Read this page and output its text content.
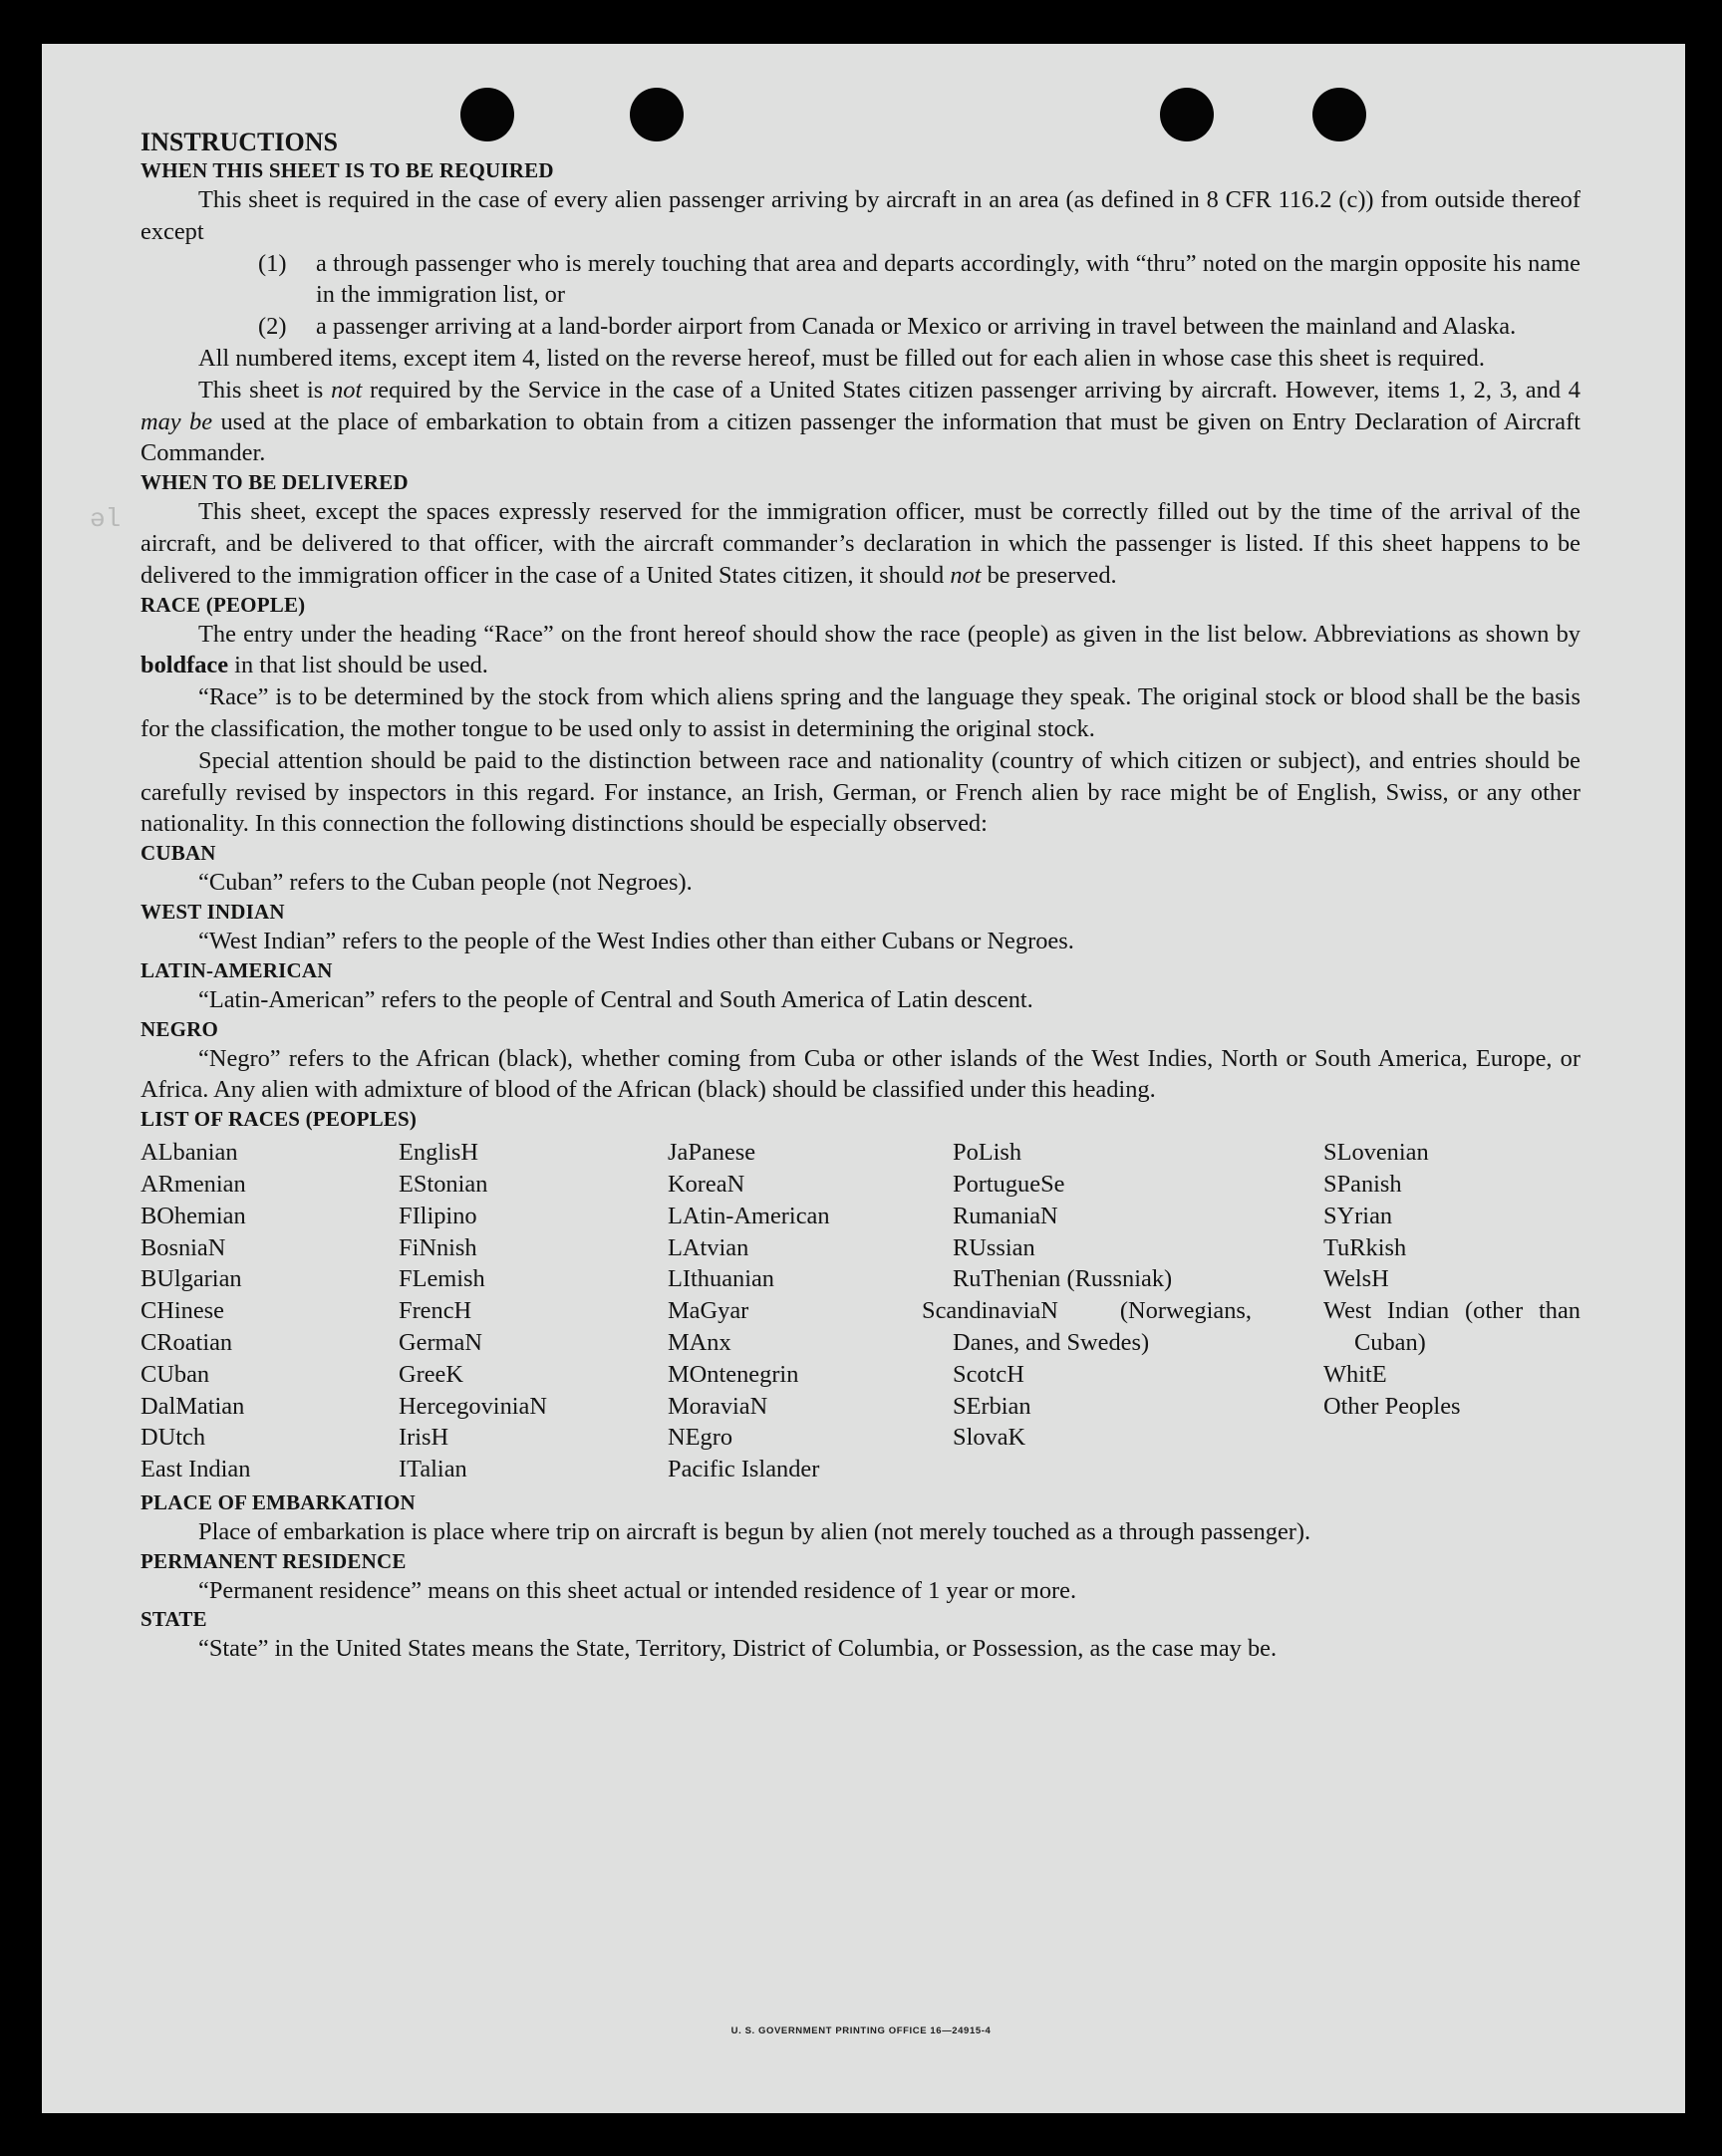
ǝl

INSTRUCTIONS

WHEN THIS SHEET IS TO BE REQUIRED

This sheet is required in the case of every alien passenger arriving by aircraft in an area (as defined in 8 CFR 116.2 (c)) from outside thereof except

(1)	a through passenger who is merely touching that area and departs accordingly, with “thru” noted on the margin opposite his name in the immigration list, or
(2)	a passenger arriving at a land-border airport from Canada or Mexico or arriving in travel between the mainland and Alaska.

All numbered items, except item 4, listed on the reverse hereof, must be filled out for each alien in whose case this sheet is required.

This sheet is not required by the Service in the case of a United States citizen passenger arriving by aircraft. However, items 1, 2, 3, and 4 may be used at the place of embarkation to obtain from a citizen passenger the information that must be given on Entry Declaration of Aircraft Commander.

WHEN TO BE DELIVERED

This sheet, except the spaces expressly reserved for the immigration officer, must be correctly filled out by the time of the arrival of the aircraft, and be delivered to that officer, with the aircraft commander’s declaration in which the passenger is listed. If this sheet happens to be delivered to the immigration officer in the case of a United States citizen, it should not be preserved.

RACE (PEOPLE)

The entry under the heading “Race” on the front hereof should show the race (people) as given in the list below. Abbreviations as shown by boldface in that list should be used.

“Race” is to be determined by the stock from which aliens spring and the language they speak. The original stock or blood shall be the basis for the classification, the mother tongue to be used only to assist in determining the original stock.

Special attention should be paid to the distinction between race and nationality (country of which citizen or subject), and entries should be carefully revised by inspectors in this regard. For instance, an Irish, German, or French alien by race might be of English, Swiss, or any other nationality. In this connection the following distinctions should be especially observed:

CUBAN

“Cuban” refers to the Cuban people (not Negroes).

WEST INDIAN

“West Indian” refers to the people of the West Indies other than either Cubans or Negroes.

LATIN-AMERICAN

“Latin-American” refers to the people of Central and South America of Latin descent.

NEGRO

“Negro” refers to the African (black), whether coming from Cuba or other islands of the West Indies, North or South America, Europe, or Africa. Any alien with admixture of blood of the African (black) should be classified under this heading.

LIST OF RACES (PEOPLES)

ALbanian
ARmenian
BOhemian
BosniaN
BUlgarian
CHinese
CRoatian
CUban
DalMatian
DUtch
East Indian
EnglisH
EStonian
FIlipino
FiNnish
FLemish
FrencH
GermaN
GreeK
HercegoviniaN
IrisH
ITalian
JaPanese
KoreaN
LAtin-American
LAtvian
LIthuanian
MaGyar
MAnx
MOntenegrin
MoraviaN
NEgro
Pacific Islander
PoLish
PortugueSe
RumaniaN
RUssian
RuThenian (Russniak)
ScandinaviaN (Norwegians, Danes, and Swedes)
ScotcH
SErbian
SlovaK
SLovenian
SPanish
SYrian
TuRkish
WelsH
West Indian (other than Cuban)
WhitE
Other Peoples

PLACE OF EMBARKATION

Place of embarkation is place where trip on aircraft is begun by alien (not merely touched as a through passenger).

PERMANENT RESIDENCE

“Permanent residence” means on this sheet actual or intended residence of 1 year or more.

STATE

“State” in the United States means the State, Territory, District of Columbia, or Possession, as the case may be.

U. S. GOVERNMENT PRINTING OFFICE 16—24915-4
